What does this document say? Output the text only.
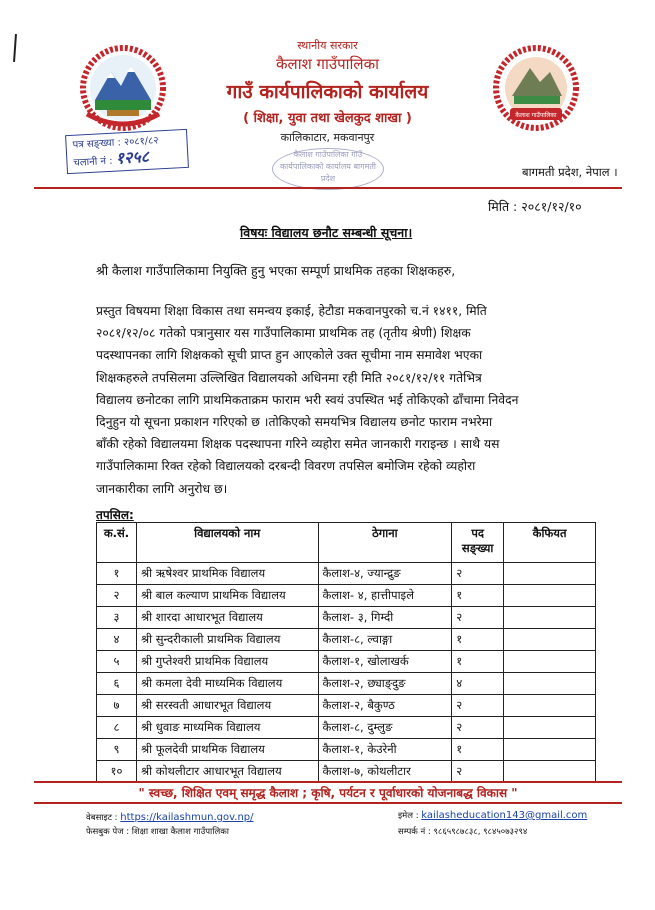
स्थानीय सरकार
कैलाश गाउँपालिका
गाउँ कार्यपालिकाको कार्यालय
( शिक्षा, युवा तथा खेलकुद शाखा )
कालिकाटार, मकवानपुर
कैलाश गाउँपालिका गाउँ कार्यपालिकाको कार्यालय बागमती प्रदेश
पत्र सङ्ख्या : २०८१/८२
चलानी नं : १२५८
कैलाश गाउँपालिका
बागमती प्रदेश, नेपाल ।
मिति : २०८१/१२/१०
विषयः विद्यालय छनौट सम्बन्धी सूचना।
श्री कैलाश गाउँपालिकामा नियुक्ति हुनु भएका सम्पूर्ण प्राथमिक तहका शिक्षकहरु,
प्रस्तुत विषयमा शिक्षा विकास तथा समन्वय इकाई, हेटौडा मकवानपुरको च.नं १४११, मिति
२०८१/१२/०८ गतेको पत्रानुसार यस गाउँपालिकामा प्राथमिक तह (तृतीय श्रेणी) शिक्षक
पदस्थापनका लागि शिक्षकको सूची प्राप्त हुन आएकोले उक्त सूचीमा नाम समावेश भएका
शिक्षकहरुले तपसिलमा उल्लिखित विद्यालयको अधिनमा रही मिति २०८१/१२/११ गतेभित्र
विद्यालय छनोटका लागि प्राथमिकताक्रम फाराम भरी स्वयं उपस्थित भई तोकिएको ढाँचामा निवेदन
दिनुहुन यो सूचना प्रकाशन गरिएको छ ।तोकिएको समयभित्र विद्यालय छनोट फाराम नभरेमा
बाँकी रहेको विद्यालयमा शिक्षक पदस्थापना गरिने व्यहोरा समेत जानकारी गराइन्छ । साथै यस
गाउँपालिकामा रिक्त रहेको विद्यालयको दरबन्दी विवरण तपसिल बमोजिम रहेको व्यहोरा
जानकारीका लागि अनुरोध छ।
तपसिल:
क.सं.	विद्यालयको नाम	ठेगाना	पद सङ्ख्या	कैफियत
१	श्री ऋषेश्वर प्राथमिक विद्यालय	कैलाश-४, ज्यान्द्रुङ	२	
२	श्री बाल कल्याण प्राथमिक विद्यालय	कैलाश- ४, हात्तीपाइले	१	
३	श्री शारदा आधारभूत विद्यालय	कैलाश- ३, गिम्दी	२	
४	श्री सुन्दरीकाली प्राथमिक विद्यालय	कैलाश-८, ल्वाङ्गा	१	
५	श्री गुप्तेश्वरी प्राथमिक विद्यालय	कैलाश-१, खोलाखर्क	१	
६	श्री कमला देवी माध्यमिक विद्यालय	कैलाश-२, छ्याङ्दुङ	४	
७	श्री सरस्वती आधारभूत विद्यालय	कैलाश-२, बैकुण्ठ	२	
८	श्री धुवाङ माध्यमिक विद्यालय	कैलाश-८, दुम्लुङ	२	
९	श्री फूलदेवी प्राथमिक विद्यालय	कैलाश-१, केउरेनी	१	
१०	श्री कोथलीटार आधारभूत विद्यालय	कैलाश-७, कोथलीटार	२	
" स्वच्छ, शिक्षित एवम् समृद्ध कैलाश ; कृषि, पर्यटन र पूर्वाधारको योजनाबद्ध विकास "
वेबसाइट : https://kailashmun.gov.np/
फेसबुक पेज : शिक्षा शाखा कैलाश गाउँपालिका
इमेल : kailasheducation143@gmail.com
सम्पर्क नं : ९८६५९८७८३८, ९८४५०७३२९४
